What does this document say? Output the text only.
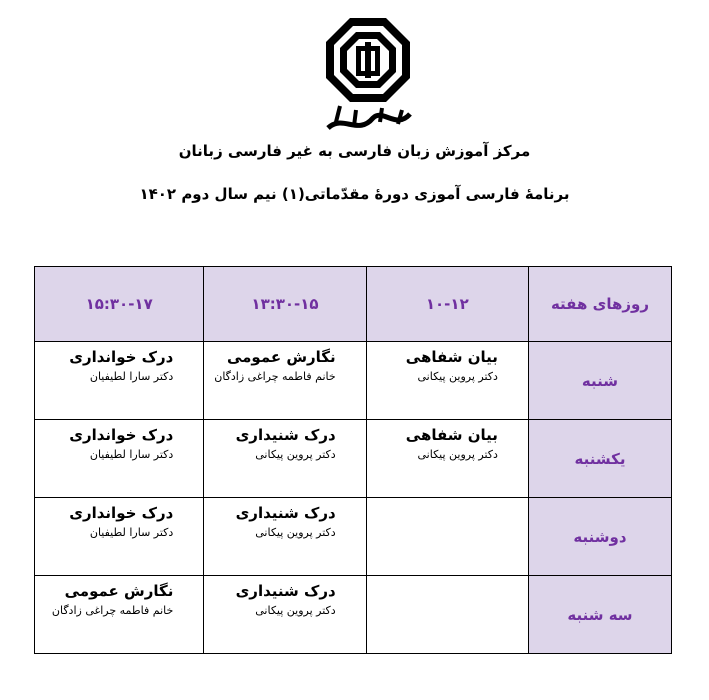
مرکز آموزش زبان فارسی به غیر فارسی زبانان
برنامهٔ فارسی آموزی دورهٔ مقدّماتی(۱) نیم سال دوم ۱۴۰۲
روزهای هفته	۱۰-۱۲	۱۳:۳۰-۱۵	۱۵:۳۰-۱۷
شنبه	بیان شفاهی
دکتر پروین پیکانی	نگارش عمومی
خانم فاطمه چراغی زادگان	درک خوانداری
دکتر سارا لطیفیان

یکشنبه	بیان شفاهی
دکتر پروین پیکانی	درک شنیداری
دکتر پروین پیکانی	درک خوانداری
دکتر سارا لطیفیان

دوشنبه		درک شنیداری
دکتر پروین پیکانی	درک خوانداری
دکتر سارا لطیفیان

سه شنبه		درک شنیداری
دکتر پروین پیکانی	نگارش عمومی
خانم فاطمه چراغی زادگان
